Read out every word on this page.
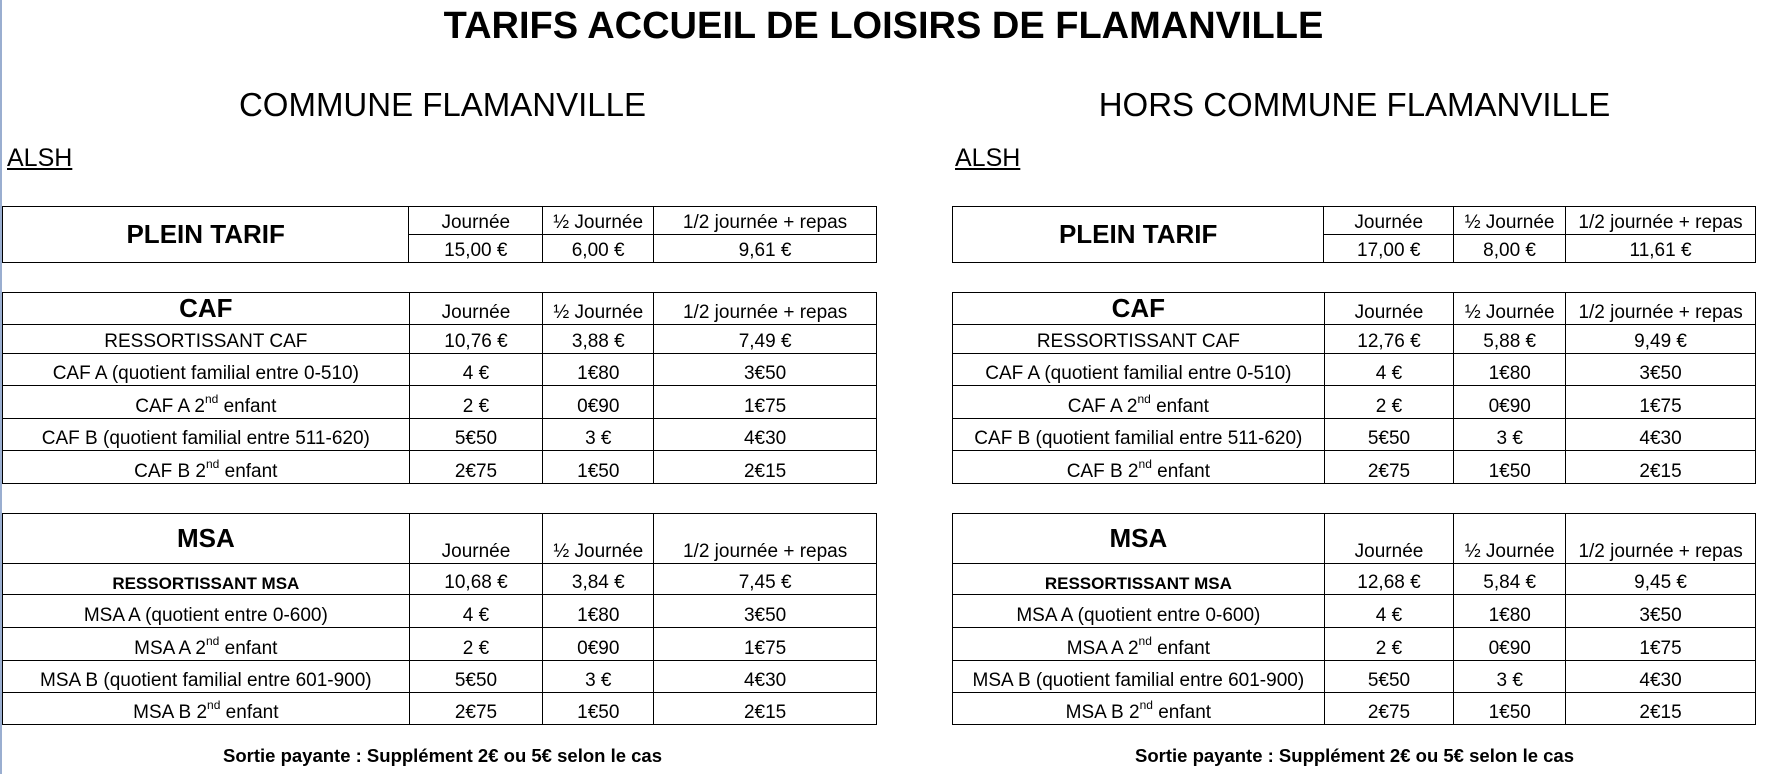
TARIFS ACCUEIL DE LOISIRS DE FLAMANVILLE
COMMUNE FLAMANVILLE
ALSH
PLEIN TARIF	Journée	½ Journée	1/2 journée + repas
	15,00 €	6,00 €	9,61 €
CAF	Journée	½ Journée	1/2 journée + repas
RESSORTISSANT CAF	10,76 €	3,88 €	7,49 €
CAF A (quotient familial entre 0-510)	4 €	1€80	3€50
CAF A 2nd enfant	2 €	0€90	1€75
CAF B (quotient familial entre 511-620)	5€50	3 €	4€30
CAF B 2nd enfant	2€75	1€50	2€15
MSA	Journée	½ Journée	1/2 journée + repas
RESSORTISSANT MSA	10,68 €	3,84 €	7,45 €
MSA A (quotient entre 0-600)	4 €	1€80	3€50
MSA A 2nd enfant	2 €	0€90	1€75
MSA B (quotient familial entre 601-900)	5€50	3 €	4€30
MSA B 2nd enfant	2€75	1€50	2€15
Sortie payante : Supplément 2€ ou 5€ selon le cas
HORS COMMUNE FLAMANVILLE
ALSH
PLEIN TARIF	Journée	½ Journée	1/2 journée + repas
	17,00 €	8,00 €	11,61 €
CAF	Journée	½ Journée	1/2 journée + repas
RESSORTISSANT CAF	12,76 €	5,88 €	9,49 €
CAF A (quotient familial entre 0-510)	4 €	1€80	3€50
CAF A 2nd enfant	2 €	0€90	1€75
CAF B (quotient familial entre 511-620)	5€50	3 €	4€30
CAF B 2nd enfant	2€75	1€50	2€15
MSA	Journée	½ Journée	1/2 journée + repas
RESSORTISSANT MSA	12,68 €	5,84 €	9,45 €
MSA A (quotient entre 0-600)	4 €	1€80	3€50
MSA A 2nd enfant	2 €	0€90	1€75
MSA B (quotient familial entre 601-900)	5€50	3 €	4€30
MSA B 2nd enfant	2€75	1€50	2€15
Sortie payante : Supplément 2€ ou 5€ selon le cas
